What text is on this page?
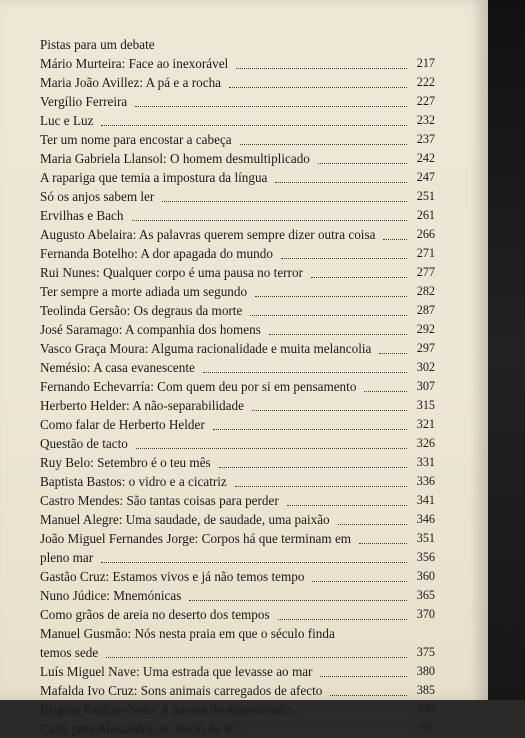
Pistas para um debate
Mário Murteira: Face ao inexorável	217
Maria João Avillez: A pá e a rocha	222
Vergílio Ferreira	227
Luc e Luz	232
Ter um nome para encostar a cabeça	237
Maria Gabriela Llansol: O homem desmultiplicado	242
A rapariga que temia a impostura da língua	247
Só os anjos sabem ler	251
Ervilhas e Bach	261
Augusto Abelaira: As palavras querem sempre dizer outra coisa	266
Fernanda Botelho: A dor apagada do mundo	271
Rui Nunes: Qualquer corpo é uma pausa no terror	277
Ter sempre a morte adiada um segundo	282
Teolinda Gersão: Os degraus da morte	287
José Saramago: A companhia dos homens	292
Vasco Graça Moura: Alguma racionalidade e muita melancolia	297
Nemésio: A casa evanescente	302
Fernando Echevarría: Com quem deu por si em pensamento	307
Herberto Helder: A não-separabilidade	315
Como falar de Herberto Helder	321
Questão de tacto	326
Ruy Belo: Setembro é o teu mês	331
Baptista Bastos: o vidro e a cicatriz	336
Castro Mendes: São tantas coisas para perder	341
Manuel Alegre: Uma saudade, de saudade, uma paixão	346
João Miguel Fernandes Jorge: Corpos há que terminam em	351
pleno mar	356
Gastão Cruz: Estamos vivos e já não temos tempo	360
Nuno Júdice: Mnemónicas	365
Como grãos de areia no deserto dos tempos	370
Manuel Gusmão: Nós nesta praia em que o século finda
temos sede	375
Luís Miguel Nave: Uma estrada que levasse ao mar	380
Mafalda Ivo Cruz: Sons animais carregados de afecto	385
Brigitte Paulino-Neto: A âncora de misericórdia	390
Carta para Alexandra, no início de 97	395
